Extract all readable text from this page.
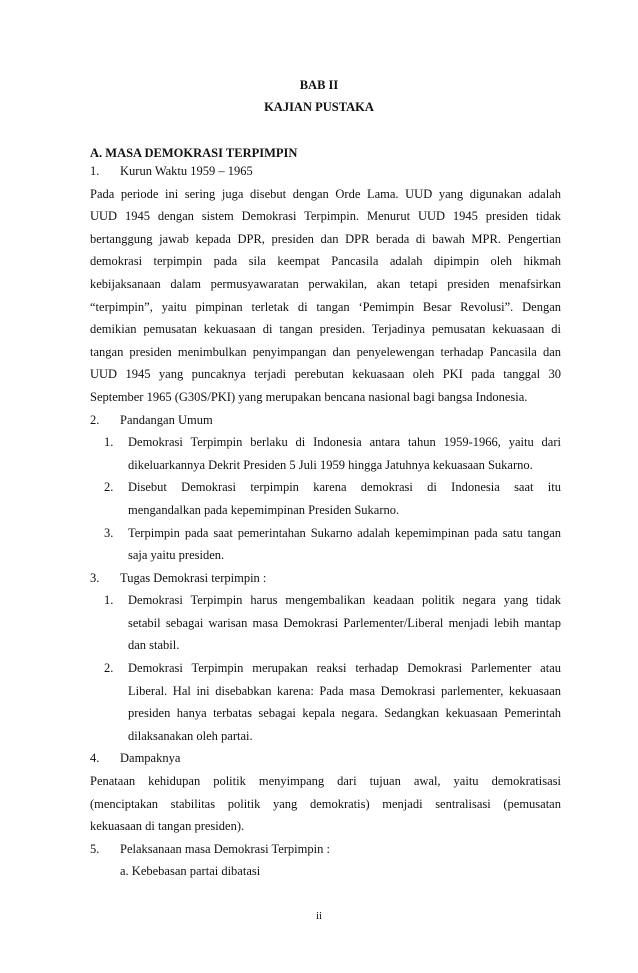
BAB II
KAJIAN PUSTAKA
A. MASA DEMOKRASI TERPIMPIN
1.	Kurun Waktu 1959 – 1965

Pada periode ini sering juga disebut dengan Orde Lama. UUD yang digunakan adalah

UUD 1945 dengan sistem Demokrasi Terpimpin. Menurut UUD 1945 presiden tidak

bertanggung jawab kepada DPR, presiden dan DPR berada di bawah MPR. Pengertian

demokrasi terpimpin pada sila keempat Pancasila adalah dipimpin oleh hikmah

kebijaksanaan dalam permusyawaratan perwakilan, akan tetapi presiden menafsirkan

“terpimpin”, yaitu pimpinan terletak di tangan ‘Pemimpin Besar Revolusi”. Dengan

demikian pemusatan kekuasaan di tangan presiden. Terjadinya pemusatan kekuasaan di

tangan presiden menimbulkan penyimpangan dan penyelewengan terhadap Pancasila dan

UUD 1945 yang puncaknya terjadi perebutan kekuasaan oleh PKI pada tanggal 30

September 1965 (G30S/PKI) yang merupakan bencana nasional bagi bangsa Indonesia.

2.	Pandangan Umum
1.	Demokrasi Terpimpin berlaku di Indonesia antara tahun 1959-1966, yaitu dari

dikeluarkannya Dekrit Presiden 5 Juli 1959 hingga Jatuhnya kekuasaan Sukarno.

2.	Disebut Demokrasi terpimpin karena demokrasi di Indonesia saat itu

mengandalkan pada kepemimpinan Presiden Sukarno.

3.	Terpimpin pada saat pemerintahan Sukarno adalah kepemimpinan pada satu tangan

saja yaitu presiden.

3.	Tugas Demokrasi terpimpin :
1.	Demokrasi Terpimpin harus mengembalikan keadaan politik negara yang tidak

setabil sebagai warisan masa Demokrasi Parlementer/Liberal menjadi lebih mantap

dan stabil.

2.	Demokrasi Terpimpin merupakan reaksi terhadap Demokrasi Parlementer atau

Liberal. Hal ini disebabkan karena: Pada masa Demokrasi parlementer, kekuasaan

presiden hanya terbatas sebagai kepala negara. Sedangkan kekuasaan Pemerintah

dilaksanakan oleh partai.

4.	Dampaknya

Penataan kehidupan politik menyimpang dari tujuan awal, yaitu demokratisasi

(menciptakan stabilitas politik yang demokratis) menjadi sentralisasi (pemusatan

kekuasaan di tangan presiden).

5.	Pelaksanaan masa Demokrasi Terpimpin :
a. Kebebasan partai dibatasi
ii
